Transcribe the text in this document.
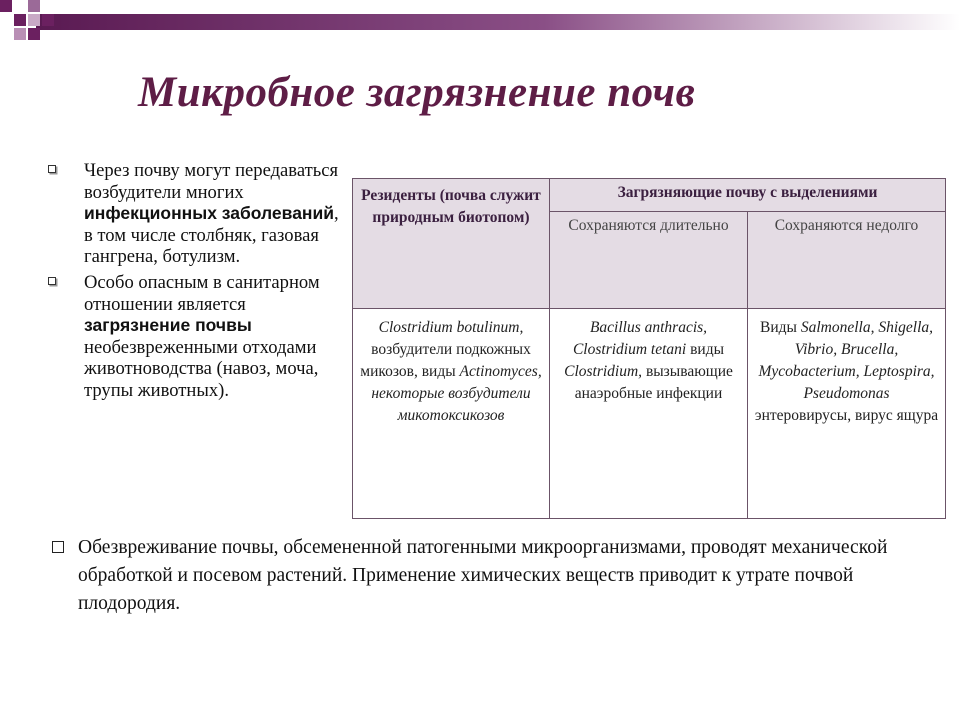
Микробное загрязнение почв
Через почву могут передаваться возбудители многих инфекционных заболеваний, в том числе столбняк, газовая гангрена, ботулизм.
Особо опасным в санитарном отношении является загрязнение почвы необезвреженными отходами животноводства (навоз, моча, трупы животных).
Резиденты (почва служит природным биотопом)	Загрязняющие почву с выделениями	
	Сохраняются длительно	Сохраняются недолго
Clostridium botulinum, возбудители подкожных микозов, виды Actinomyces, некоторые возбудители микотоксикозов	Bacillus anthracis, Clostridium tetani виды Clostridium, вызывающие анаэробные инфекции	Виды Salmonella, Shigella, Vibrio, Brucella, Mycobacterium, Leptospira, Pseudomonas энтеровирусы, вирус ящура

Обезвреживание почвы, обсемененной патогенными микроорганизмами, проводят механической обработкой и посевом растений. Применение химических веществ приводит к утрате почвой плодородия.
